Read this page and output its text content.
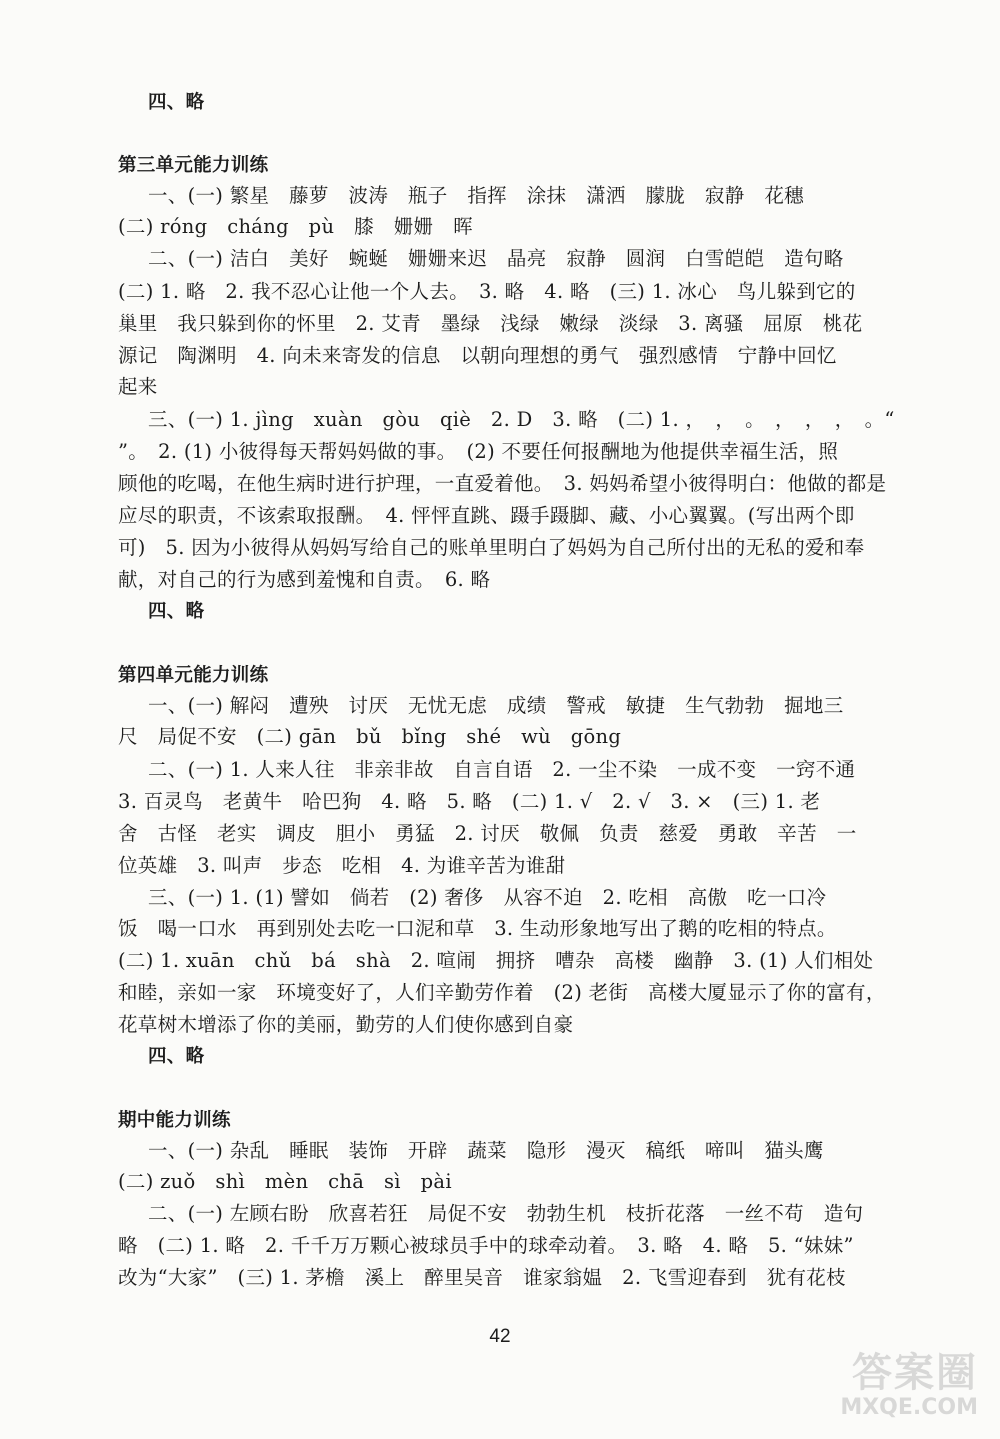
四、略
第三单元能力训练
一、(一) 繁星　藤萝　波涛　瓶子　指挥　涂抹　潇洒　朦胧　寂静　花穗
(二) róng　cháng　pù　膝　姗姗　晖
二、(一) 洁白　美好　蜿蜒　姗姗来迟　晶亮　寂静　圆润　白雪皑皑　造句略
(二) 1. 略　2. 我不忍心让他一个人去。　3. 略　4. 略　(三) 1. 冰心　鸟儿躲到它的
巢里　我只躲到你的怀里　2. 艾青　墨绿　浅绿　嫩绿　淡绿　3. 离骚　屈原　桃花
源记　陶渊明　4. 向未来寄发的信息　以朝向理想的勇气　强烈感情　宁静中回忆
起来
三、(一) 1. jìng　xuàn　gòu　qiè　2. D　3. 略　(二) 1. ，　，　。　，　，　，　。“
”。　2. (1) 小彼得每天帮妈妈做的事。　(2) 不要任何报酬地为他提供幸福生活，照
顾他的吃喝，在他生病时进行护理，一直爱着他。　3. 妈妈希望小彼得明白：他做的都是
应尽的职责，不该索取报酬。　4. 怦怦直跳、蹑手蹑脚、藏、小心翼翼。(写出两个即
可)　5. 因为小彼得从妈妈写给自己的账单里明白了妈妈为自己所付出的无私的爱和奉
献，对自己的行为感到羞愧和自责。　6. 略
四、略
第四单元能力训练
一、(一) 解闷　遭殃　讨厌　无忧无虑　成绩　警戒　敏捷　生气勃勃　掘地三
尺　局促不安　(二) gān　bǔ　bǐng　shé　wù　gōng
二、(一) 1. 人来人往　非亲非故　自言自语　2. 一尘不染　一成不变　一窍不通
3. 百灵鸟　老黄牛　哈巴狗　4. 略　5. 略　(二) 1. √　2. √　3. ×　(三) 1. 老
舍　古怪　老实　调皮　胆小　勇猛　2. 讨厌　敬佩　负责　慈爱　勇敢　辛苦　一
位英雄　3. 叫声　步态　吃相　4. 为谁辛苦为谁甜
三、(一) 1. (1) 譬如　倘若　(2) 奢侈　从容不迫　2. 吃相　高傲　吃一口冷
饭　喝一口水　再到别处去吃一口泥和草　3. 生动形象地写出了鹅的吃相的特点。
(二) 1. xuān　chǔ　bá　shà　2. 喧闹　拥挤　嘈杂　高楼　幽静　3. (1) 人们相处
和睦，亲如一家　环境变好了，人们辛勤劳作着　(2) 老街　高楼大厦显示了你的富有，
花草树木增添了你的美丽，勤劳的人们使你感到自豪
四、略
期中能力训练
一、(一) 杂乱　睡眠　装饰　开辟　蔬菜　隐形　漫灭　稿纸　啼叫　猫头鹰
(二) zuǒ　shì　mèn　chā　sì　pài
二、(一) 左顾右盼　欣喜若狂　局促不安　勃勃生机　枝折花落　一丝不苟　造句
略　(二) 1. 略　2. 千千万万颗心被球员手中的球牵动着。　3. 略　4. 略　5. “妹妹”
改为“大家”　(三) 1. 茅檐　溪上　醉里吴音　谁家翁媪　2. 飞雪迎春到　犹有花枝
42
答案圈
MXQE.COM
